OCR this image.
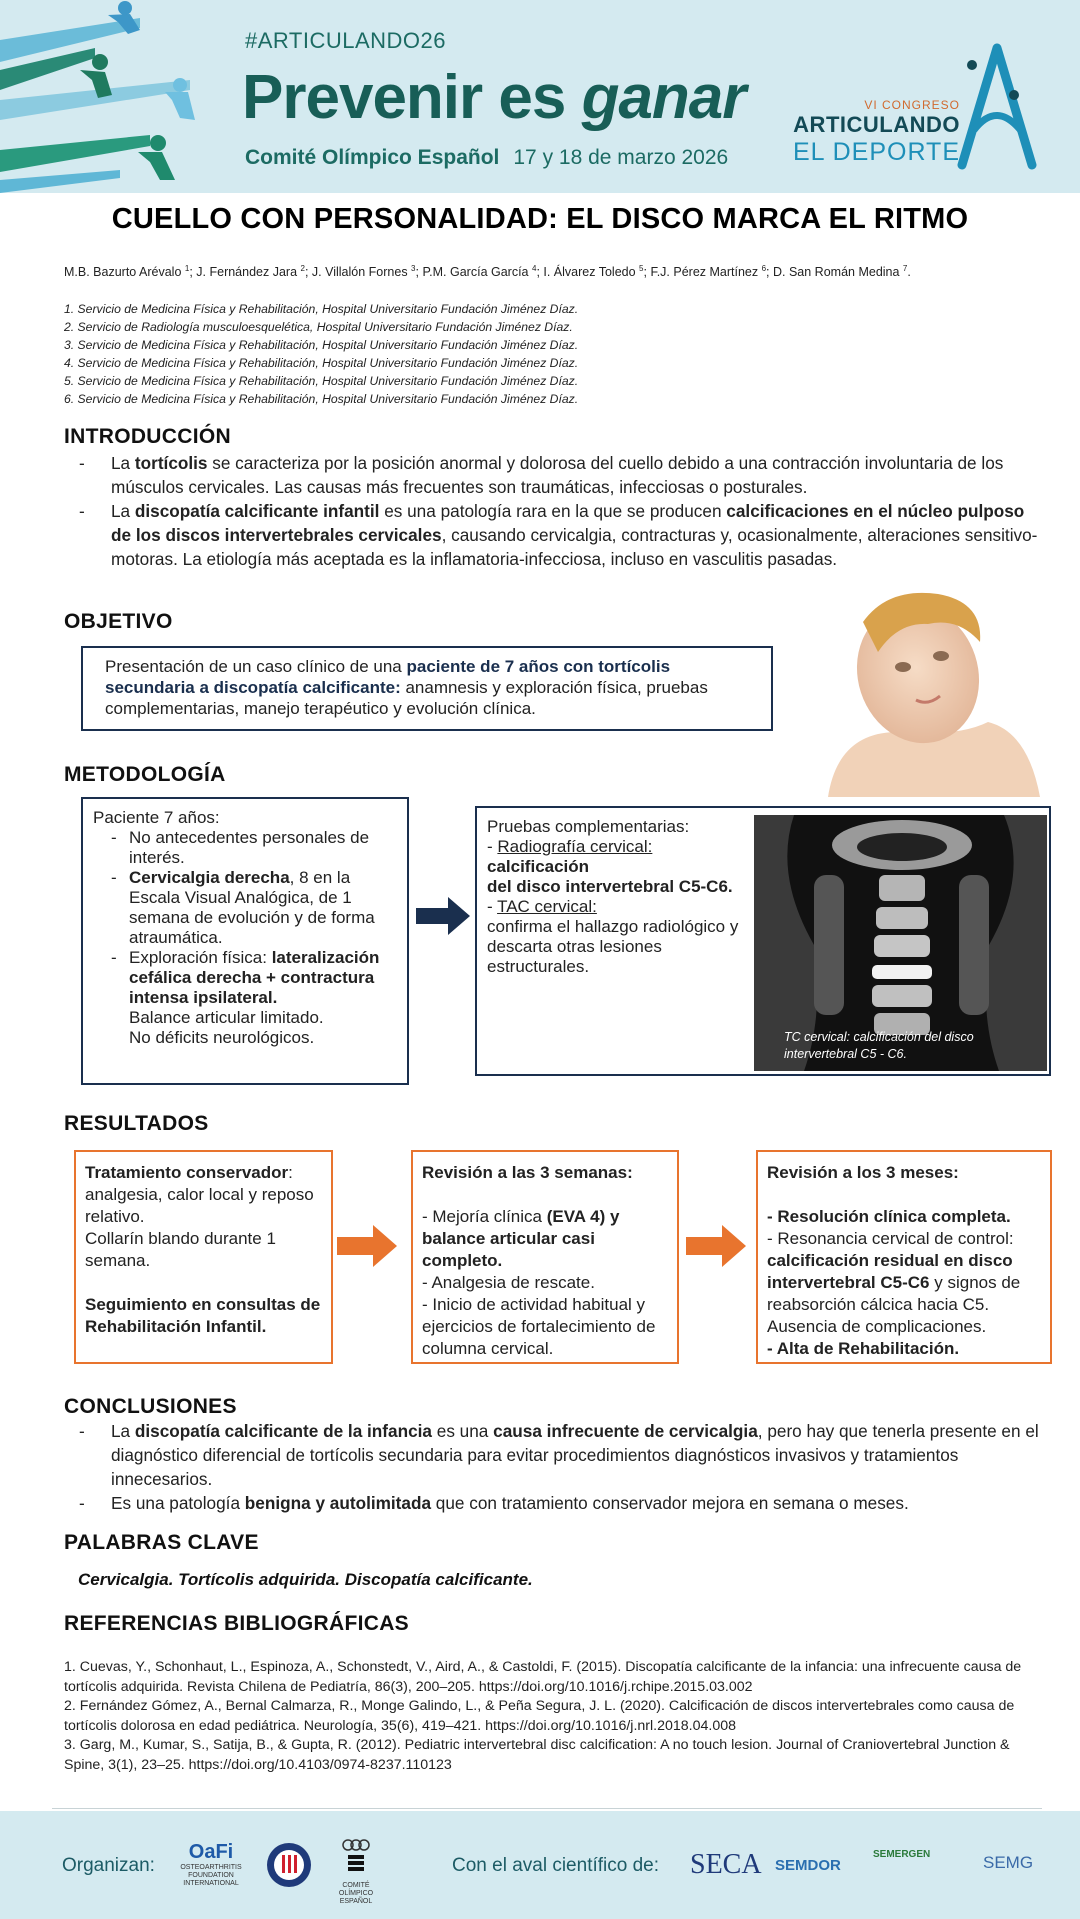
#ARTICULANDO26
Prevenir es ganar
Comité Olímpico Español 17 y 18 de marzo 2026
VI CONGRESO
ARTICULANDO
EL DEPORTE
CUELLO CON PERSONALIDAD: EL DISCO MARCA EL RITMO
M.B. Bazurto Arévalo $^1$; J. Fernández Jara $^2$; J. Villalón Fornes $^3$; P.M. García García $^4$; I. Álvarez Toledo $^5$; F.J. Pérez Martínez $^6$; D. San Román Medina $^7$.
1. Servicio de Medicina Física y Rehabilitación, Hospital Universitario Fundación Jiménez Díaz.
2. Servicio de Radiología musculoesquelética, Hospital Universitario Fundación Jiménez Díaz.
3. Servicio de Medicina Física y Rehabilitación, Hospital Universitario Fundación Jiménez Díaz.
4. Servicio de Medicina Física y Rehabilitación, Hospital Universitario Fundación Jiménez Díaz.
5. Servicio de Medicina Física y Rehabilitación, Hospital Universitario Fundación Jiménez Díaz.
6. Servicio de Medicina Física y Rehabilitación, Hospital Universitario Fundación Jiménez Díaz.
INTRODUCCIÓN
- La tortícolis se caracteriza por la posición anormal y dolorosa del cuello debido a una contracción involuntaria de los músculos cervicales. Las causas más frecuentes son traumáticas, infecciosas o posturales.
- La discopatía calcificante infantil es una patología rara en la que se producen calcificaciones en el núcleo pulposo de los discos intervertebrales cervicales, causando cervicalgia, contracturas y, ocasionalmente, alteraciones sensitivo-motoras. La etiología más aceptada es la inflamatoria-infecciosa, incluso en vasculitis pasadas.
OBJETIVO
Presentación de un caso clínico de una paciente de 7 años con tortícolis secundaria a discopatía calcificante: anamnesis y exploración física, pruebas complementarias, manejo terapéutico y evolución clínica.
METODOLOGÍA
Paciente 7 años:
- No antecedentes personales de interés.
- Cervicalgia derecha, 8 en la Escala Visual Analógica, de 1 semana de evolución y de forma atraumática.
- Exploración física: lateralización cefálica derecha + contractura intensa ipsilateral.
Balance articular limitado.
No déficits neurológicos.
Pruebas complementarias:
- Radiografía cervical:
calcificación
del disco intervertebral C5-C6.
- TAC cervical:
confirma el hallazgo radiológico y descarta otras lesiones estructurales.
TC cervical: calcificación del disco intervertebral C5 - C6.
RESULTADOS
Tratamiento conservador: analgesia, calor local y reposo relativo.
Collarín blando durante 1 semana.

Seguimiento en consultas de Rehabilitación Infantil.
Revisión a las 3 semanas:

- Mejoría clínica (EVA 4) y balance articular casi completo.
- Analgesia de rescate.
- Inicio de actividad habitual y ejercicios de fortalecimiento de columna cervical.
Revisión a los 3 meses:

- Resolución clínica completa.
- Resonancia cervical de control: calcificación residual en disco intervertebral C5-C6 y signos de reabsorción cálcica hacia C5.
Ausencia de complicaciones.
- Alta de Rehabilitación.
CONCLUSIONES
- La discopatía calcificante de la infancia es una causa infrecuente de cervicalgia, pero hay que tenerla presente en el diagnóstico diferencial de tortícolis secundaria para evitar procedimientos diagnósticos invasivos y tratamientos innecesarios.
- Es una patología benigna y autolimitada que con tratamiento conservador mejora en semana o meses.
PALABRAS CLAVE
Cervicalgia. Tortícolis adquirida. Discopatía calcificante.
REFERENCIAS BIBLIOGRÁFICAS
1. Cuevas, Y., Schonhaut, L., Espinoza, A., Schonstedt, V., Aird, A., & Castoldi, F. (2015). Discopatía calcificante de la infancia: una infrecuente causa de tortícolis adquirida. Revista Chilena de Pediatría, 86(3), 200–205. https://doi.org/10.1016/j.rchipe.2015.03.002
2. Fernández Gómez, A., Bernal Calmarza, R., Monge Galindo, L., & Peña Segura, J. L. (2020). Calcificación de discos intervertebrales como causa de tortícolis dolorosa en edad pediátrica. Neurología, 35(6), 419–421. https://doi.org/10.1016/j.nrl.2018.04.008
3. Garg, M., Kumar, S., Satija, B., & Gupta, R. (2012). Pediatric intervertebral disc calcification: A no touch lesion. Journal of Craniovertebral Junction & Spine, 3(1), 23–25. https://doi.org/10.4103/0974-8237.110123
Organizan:
OaFi
OSTEOARTHRITIS FOUNDATION INTERNATIONAL	COMITÉ OLÍMPICO ESPAÑOL
Con el aval científico de: SECA SEMDOR
SEMERGEN	SEMG
